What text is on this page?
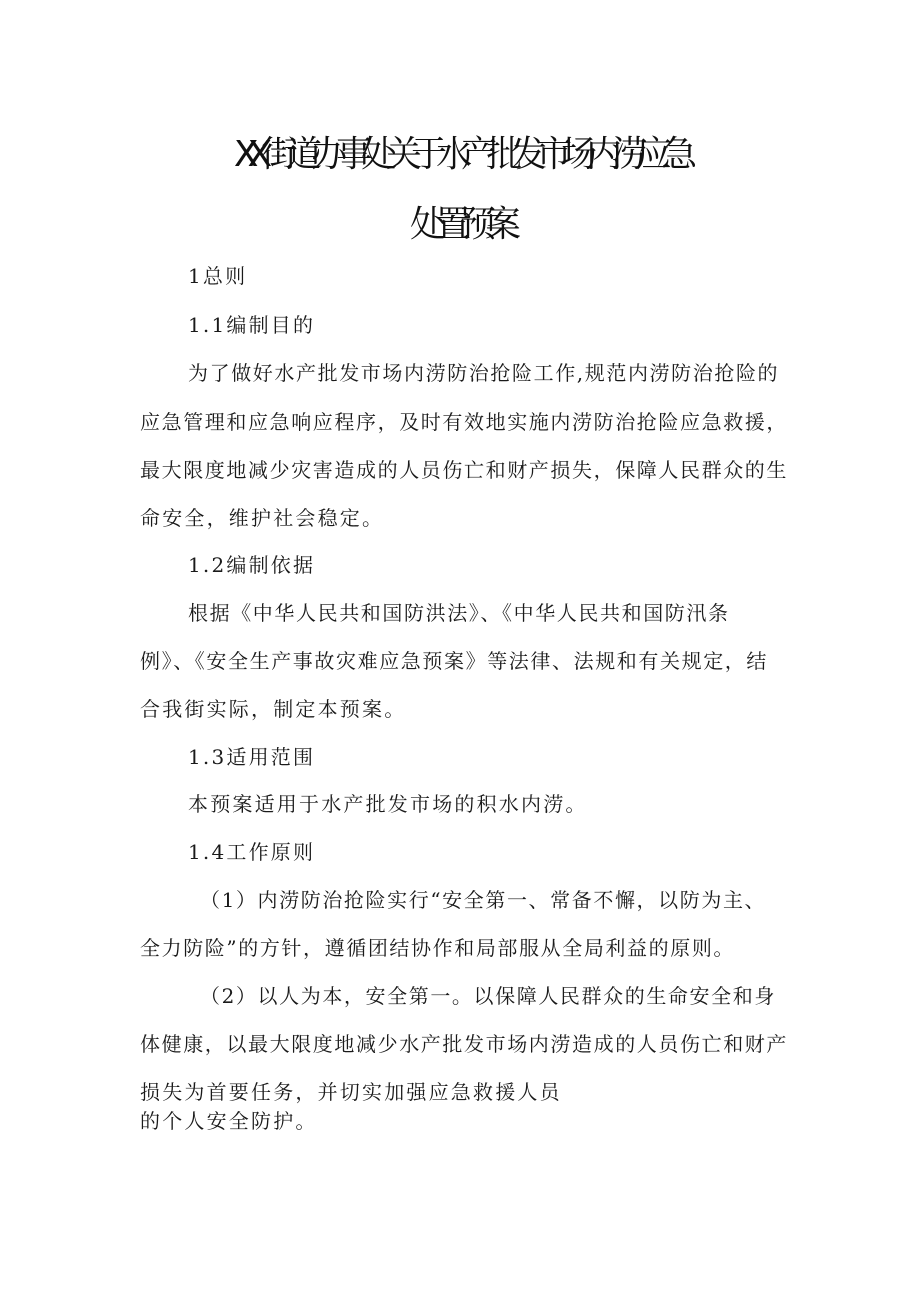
XX街道办事处关于水产批发市场内涝应急
处置预案
1总则
1.1编制目的
为了做好水产批发市场内涝防治抢险工作,规范内涝防治抢险的
应急管理和应急响应程序，及时有效地实施内涝防治抢险应急救援，
最大限度地减少灾害造成的人员伤亡和财产损失，保障人民群众的生
命安全，维护社会稳定。
1.2编制依据
根据《中华人民共和国防洪法》、《中华人民共和国防汛条
例》、《安全生产事故灾难应急预案》等法律、法规和有关规定，结
合我街实际，制定本预案。
1.3适用范围
本预案适用于水产批发市场的积水内涝。
1.4工作原则
（1）内涝防治抢险实行“安全第一、常备不懈，以防为主、
全力防险”的方针，遵循团结协作和局部服从全局利益的原则。
（2）以人为本，安全第一。以保障人民群众的生命安全和身
体健康，以最大限度地减少水产批发市场内涝造成的人员伤亡和财产
损失为首要任务，并切实加强应急救援人员
的个人安全防护。
